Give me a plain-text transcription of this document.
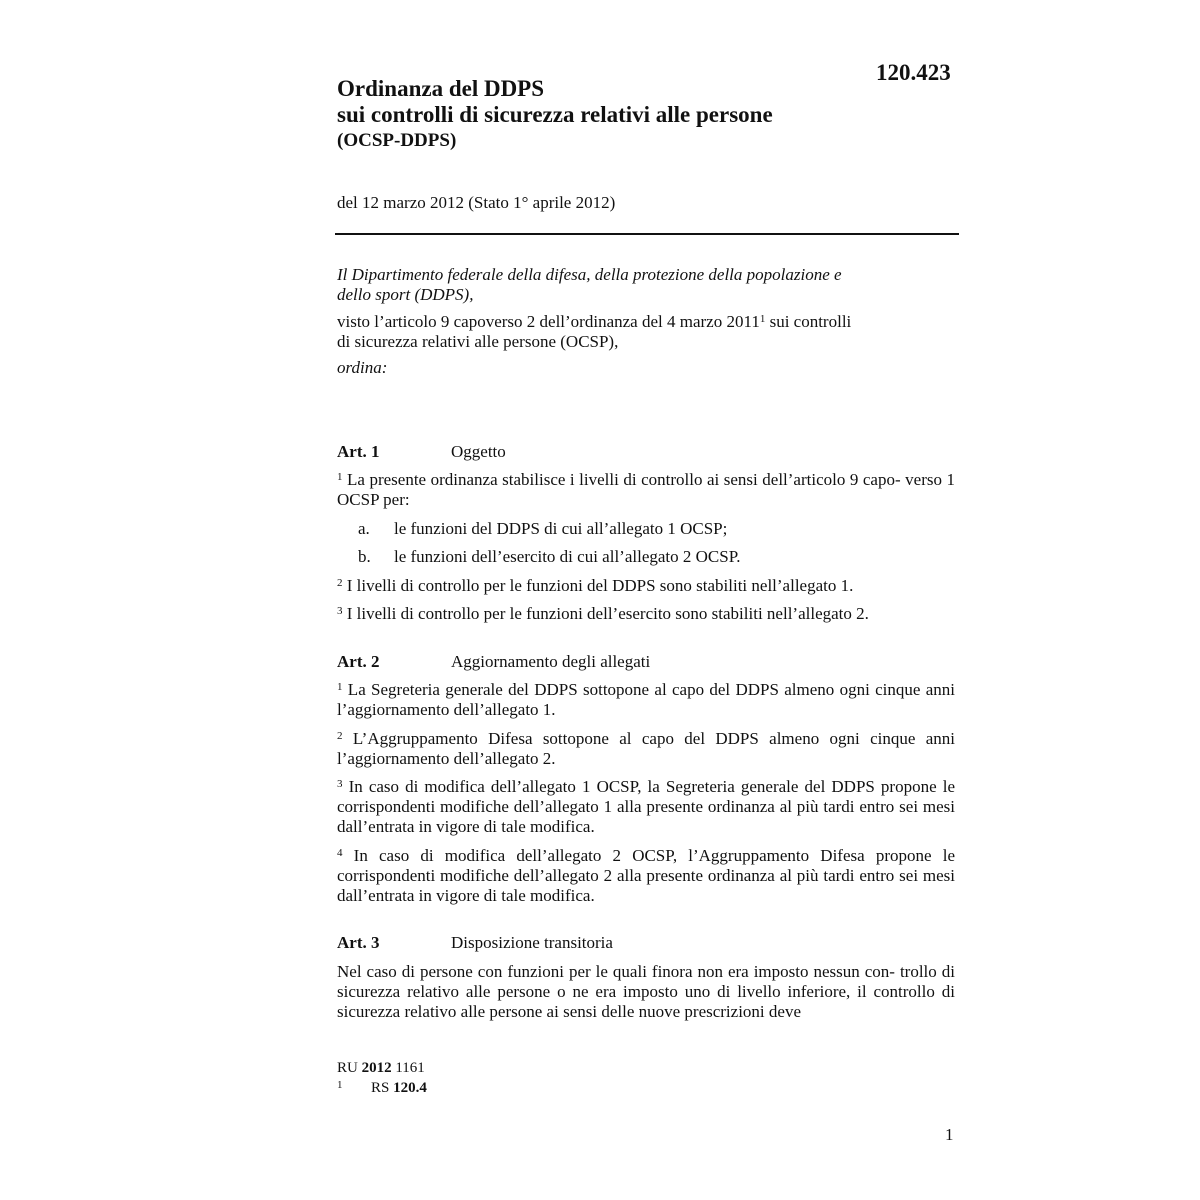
120.423
Ordinanza del DDPS
sui controlli di sicurezza relativi alle persone
(OCSP-DDPS)
del 12 marzo 2012 (Stato 1° aprile 2012)
Il Dipartimento federale della difesa, della protezione della popolazione e
dello sport (DDPS),
visto l’articolo 9 capoverso 2 dell’ordinanza del 4 marzo 2011$^1$ sui controlli
di sicurezza relativi alle persone (OCSP),
ordina:
Art. 1	Oggetto
$^1$ La presente ordinanza stabilisce i livelli di controllo ai sensi dell’articolo 9 capo- verso 1 OCSP per:
a. le funzioni del DDPS di cui all’allegato 1 OCSP;
b. le funzioni dell’esercito di cui all’allegato 2 OCSP.
$^2$ I livelli di controllo per le funzioni del DDPS sono stabiliti nell’allegato 1.
$^3$ I livelli di controllo per le funzioni dell’esercito sono stabiliti nell’allegato 2.
Art. 2	Aggiornamento degli allegati
$^1$ La Segreteria generale del DDPS sottopone al capo del DDPS almeno ogni cinque anni l’aggiornamento dell’allegato 1.
$^2$ L’Aggruppamento Difesa sottopone al capo del DDPS almeno ogni cinque anni l’aggiornamento dell’allegato 2.
$^3$ In caso di modifica dell’allegato 1 OCSP, la Segreteria generale del DDPS propone le corrispondenti modifiche dell’allegato 1 alla presente ordinanza al più tardi entro sei mesi dall’entrata in vigore di tale modifica.
$^4$ In caso di modifica dell’allegato 2 OCSP, l’Aggruppamento Difesa propone le corrispondenti modifiche dell’allegato 2 alla presente ordinanza al più tardi entro sei mesi dall’entrata in vigore di tale modifica.
Art. 3	Disposizione transitoria
Nel caso di persone con funzioni per le quali finora non era imposto nessun con- trollo di sicurezza relativo alle persone o ne era imposto uno di livello inferiore, il controllo di sicurezza relativo alle persone ai sensi delle nuove prescrizioni deve
RU 2012 1161
1 RS 120.4
1
